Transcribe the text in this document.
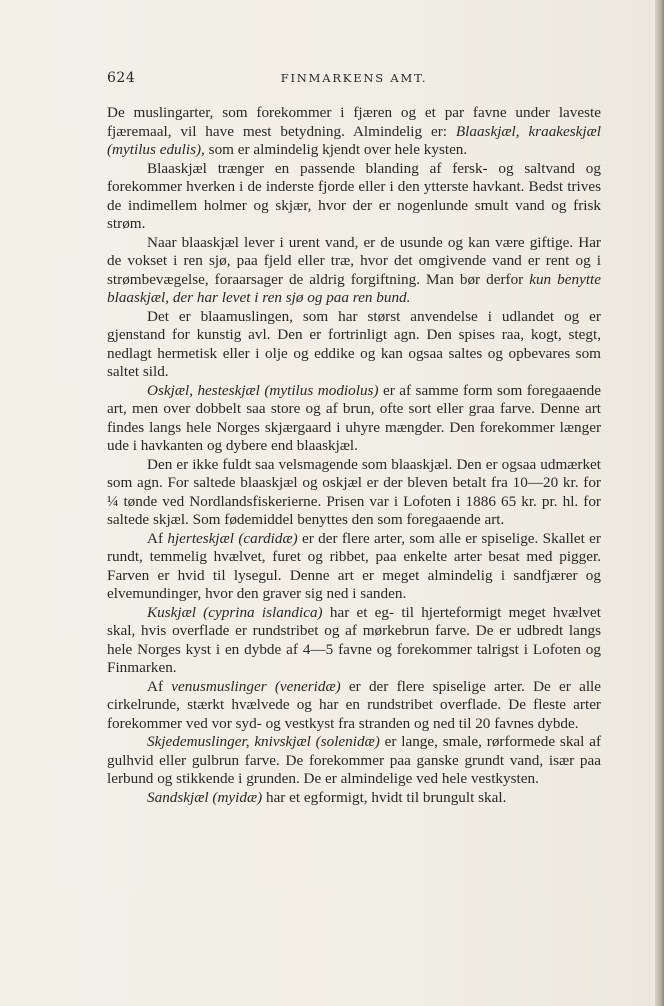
624	FINMARKENS AMT.

De muslingarter, som forekommer i fjæren og et par favne under laveste fjæremaal, vil have mest betydning. Almindelig er: Blaaskjæl, kraakeskjæl (mytilus edulis), som er almindelig kjendt over hele kysten.

Blaaskjæl trænger en passende blanding af fersk- og saltvand og forekommer hverken i de inderste fjorde eller i den ytterste havkant. Bedst trives de indimellem holmer og skjær, hvor der er nogenlunde smult vand og frisk strøm.

Naar blaaskjæl lever i urent vand, er de usunde og kan være giftige. Har de vokset i ren sjø, paa fjeld eller træ, hvor det omgivende vand er rent og i strømbevægelse, foraarsager de aldrig forgiftning. Man bør derfor kun benytte blaaskjæl, der har levet i ren sjø og paa ren bund.

Det er blaamuslingen, som har størst anvendelse i udlandet og er gjenstand for kunstig avl. Den er fortrinligt agn. Den spises raa, kogt, stegt, nedlagt hermetisk eller i olje og eddike og kan ogsaa saltes og opbevares som saltet sild.

Oskjæl, hesteskjæl (mytilus modiolus) er af samme form som foregaaende art, men over dobbelt saa store og af brun, ofte sort eller graa farve. Denne art findes langs hele Norges skjærgaard i uhyre mængder. Den forekommer længer ude i havkanten og dybere end blaaskjæl.

Den er ikke fuldt saa velsmagende som blaaskjæl. Den er ogsaa udmærket som agn. For saltede blaaskjæl og oskjæl er der bleven betalt fra 10—20 kr. for ¼ tønde ved Nordlandsfiskerierne. Prisen var i Lofoten i 1886 65 kr. pr. hl. for saltede skjæl. Som fødemiddel benyttes den som foregaaende art.

Af hjerteskjæl (cardidæ) er der flere arter, som alle er spiselige. Skallet er rundt, temmelig hvælvet, furet og ribbet, paa enkelte arter besat med pigger. Farven er hvid til lysegul. Denne art er meget almindelig i sandfjærer og elvemundinger, hvor den graver sig ned i sanden.

Kuskjæl (cyprina islandica) har et eg- til hjerteformigt meget hvælvet skal, hvis overflade er rundstribet og af mørkebrun farve. De er udbredt langs hele Norges kyst i en dybde af 4—5 favne og forekommer talrigst i Lofoten og Finmarken.

Af venusmuslinger (veneridæ) er der flere spiselige arter. De er alle cirkelrunde, stærkt hvælvede og har en rundstribet overflade. De fleste arter forekommer ved vor syd- og vestkyst fra stranden og ned til 20 favnes dybde.

Skjedemuslinger, knivskjæl (solenidæ) er lange, smale, rørformede skal af gulhvid eller gulbrun farve. De forekommer paa ganske grundt vand, især paa lerbund og stikkende i grunden. De er almindelige ved hele vestkysten.

Sandskjæl (myidæ) har et egformigt, hvidt til brungult skal.
